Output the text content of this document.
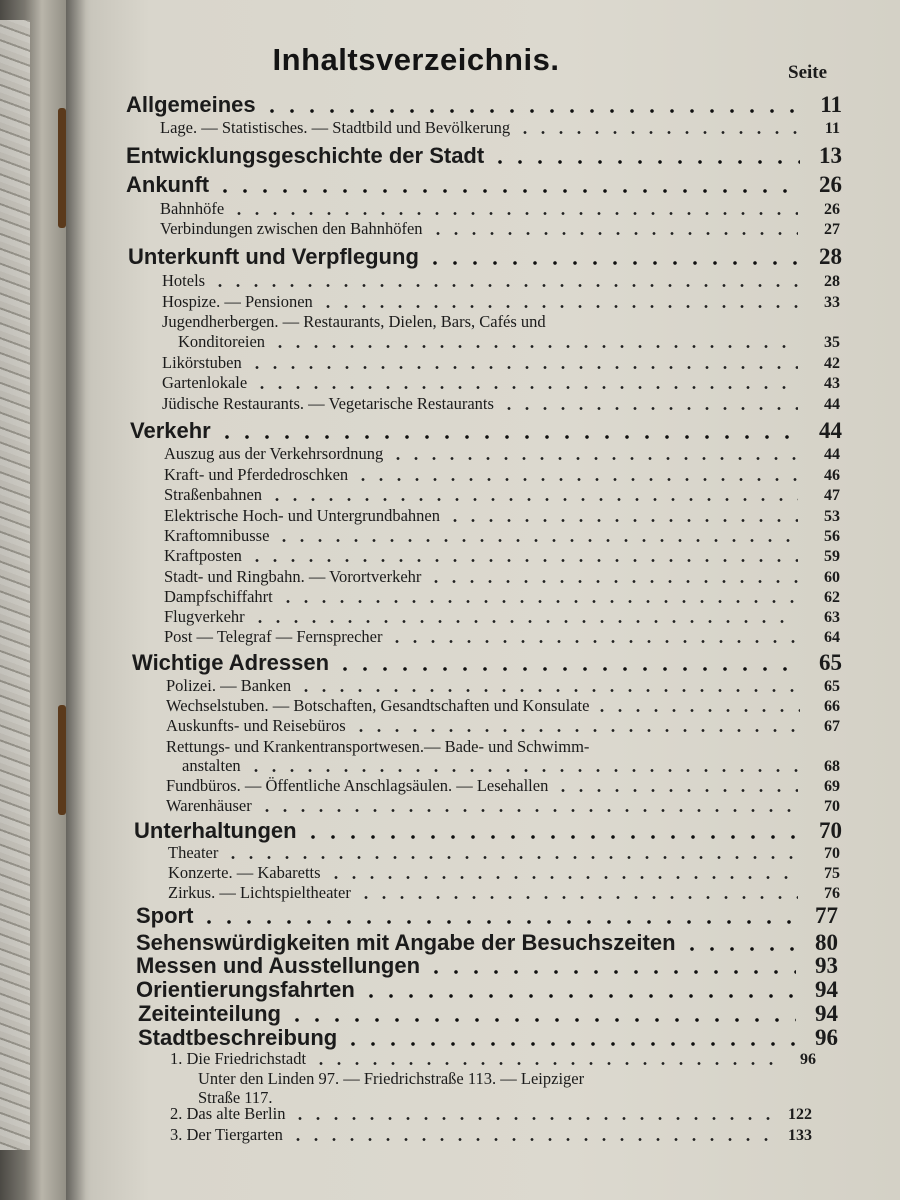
Inhaltsverzeichnis.	Seite
Allgemeines	11
Lage. — Statistisches. — Stadtbild und Bevölkerung	11
Entwicklungsgeschichte der Stadt	13
Ankunft	26
Bahnhöfe	26
Verbindungen zwischen den Bahnhöfen	27
Unterkunft und Verpflegung	28
Hotels	28
Hospize. — Pensionen	33
Jugendherbergen. — Restaurants, Dielen, Bars, Cafés und
Konditoreien	35
Likörstuben	42
Gartenlokale	43
Jüdische Restaurants. — Vegetarische Restaurants	44
Verkehr	44
Auszug aus der Verkehrsordnung	44
Kraft- und Pferdedroschken	46
Straßenbahnen	47
Elektrische Hoch- und Untergrundbahnen	53
Kraftomnibusse	56
Kraftposten	59
Stadt- und Ringbahn. — Vorortverkehr	60
Dampfschiffahrt	62
Flugverkehr	63
Post — Telegraf — Fernsprecher	64
Wichtige Adressen	65
Polizei. — Banken	65
Wechselstuben. — Botschaften, Gesandtschaften und Konsulate	66
Auskunfts- und Reisebüros	67
Rettungs- und Krankentransportwesen.— Bade- und Schwimm-
anstalten	68
Fundbüros. — Öffentliche Anschlagsäulen. — Lesehallen	69
Warenhäuser	70
Unterhaltungen	70
Theater	70
Konzerte. — Kabaretts	75
Zirkus. — Lichtspieltheater	76
Sport	77
Sehenswürdigkeiten mit Angabe der Besuchszeiten	80
Messen und Ausstellungen	93
Orientierungsfahrten	94
Zeiteinteilung	94
Stadtbeschreibung	96
1. Die Friedrichstadt	96
Unter den Linden 97. — Friedrichstraße 113. — Leipziger
Straße 117.
2. Das alte Berlin	122
3. Der Tiergarten	133
